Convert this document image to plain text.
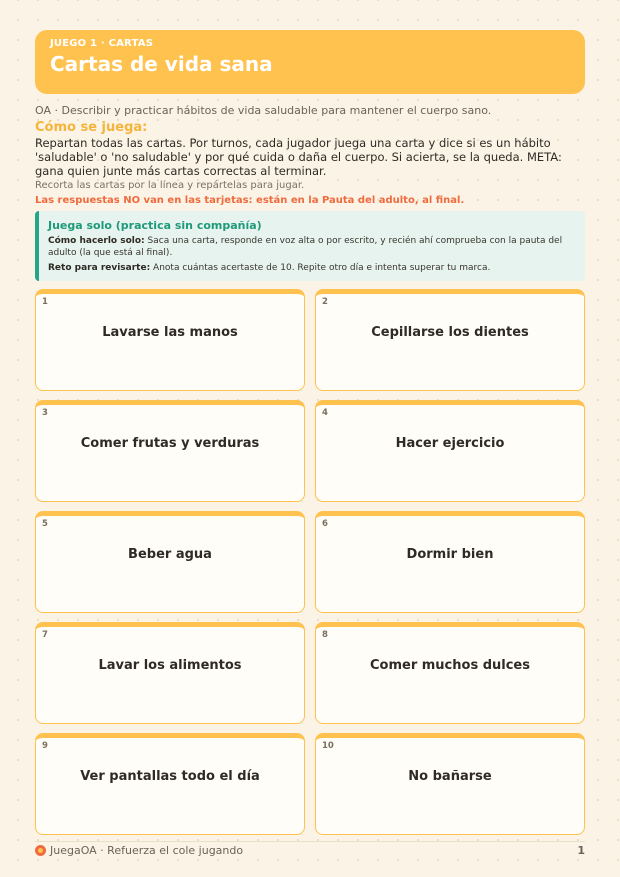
JUEGO 1 · CARTAS
Cartas de vida sana
OA · Describir y practicar hábitos de vida saludable para mantener el cuerpo sano.
Cómo se juega:
Repartan todas las cartas. Por turnos, cada jugador juega una carta y dice si es un hábito 'saludable' o 'no saludable' y por qué cuida o daña el cuerpo. Si acierta, se la queda. META: gana quien junte más cartas correctas al terminar.
Recorta las cartas por la línea y repártelas para jugar.
Las respuestas NO van en las tarjetas: están en la Pauta del adulto, al final.
Juega solo (practica sin compañía)
Cómo hacerlo solo: Saca una carta, responde en voz alta o por escrito, y recién ahí comprueba con la pauta del adulto (la que está al final).
Reto para revisarte: Anota cuántas acertaste de 10. Repite otro día e intenta superar tu marca.
1
Lavarse las manos
2
Cepillarse los dientes
3
Comer frutas y verduras
4
Hacer ejercicio
5
Beber agua
6
Dormir bien
7
Lavar los alimentos
8
Comer muchos dulces
9
Ver pantallas todo el día
10
No bañarse
JuegaOA · Refuerza el cole jugando	1
